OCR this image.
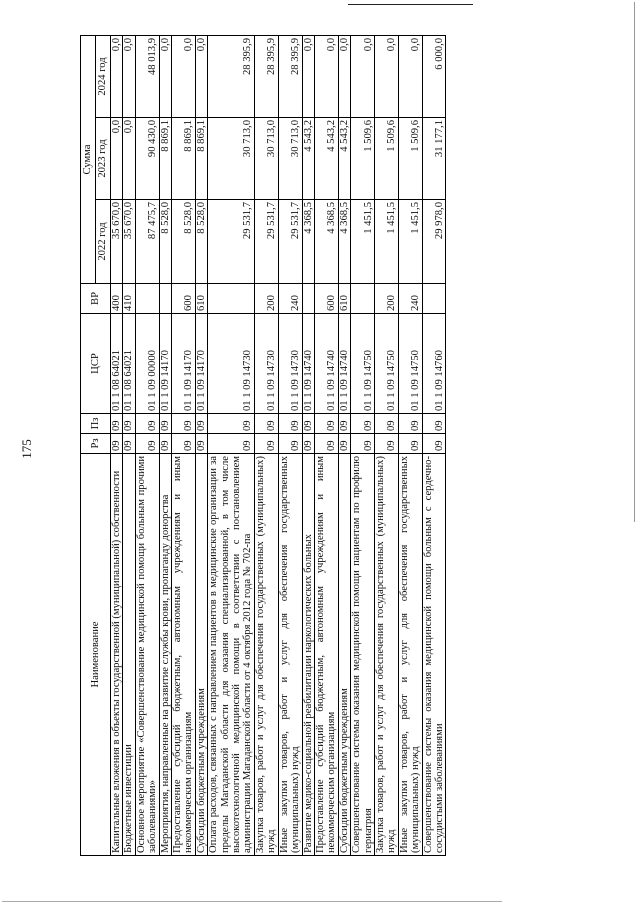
175
Наименование	Рз	Пз	ЦСР	ВР	Сумма		
					2022 год	2023 год	2024 год
Капитальные вложения в объекты государственной (муниципальной) собственности	09	09	01 1 08 64021	400	35 670,0	0,0	0,0
Бюджетные инвестиции	09	09	01 1 08 64021	410	35 670,0	0,0	0,0
Основное мероприятие «Совершенствование медицинской помощи больным прочими заболеваниями»	09	09	01 1 09 00000		87 475,7	90 430,0	48 013,9
Мероприятия, направленные на развитие службы крови, пропаганду донорства	09	09	01 1 09 14170		8 528,0	8 869,1	0,0
Предоставление субсидий бюджетным, автономным учреждениям и иным некоммерческим организациям	09	09	01 1 09 14170	600	8 528,0	8 869,1	0,0
Субсидии бюджетным учреждениям	09	09	01 1 09 14170	610	8 528,0	8 869,1	0,0
Оплата расходов, связанных с направлением пациентов в медицинские организации за пределы Магаданской области для оказания специализированной, в том числе высокотехнологичной медицинской помощи в соответствии с постановлением администрации Магаданской области от 4 октября 2012 года № 702-па	09	09	01 1 09 14730		29 531,7	30 713,0	28 395,9
Закупка товаров, работ и услуг для обеспечения государственных (муниципальных) нужд	09	09	01 1 09 14730	200	29 531,7	30 713,0	28 395,9
Иные закупки товаров, работ и услуг для обеспечения государственных (муниципальных) нужд	09	09	01 1 09 14730	240	29 531,7	30 713,0	28 395,9
Развитие медико-социальной реабилитации наркологических больных	09	09	01 1 09 14740		4 368,5	4 543,2	0,0
Предоставление субсидий бюджетным, автономным учреждениям и иным некоммерческим организациям	09	09	01 1 09 14740	600	4 368,5	4 543,2	0,0
Субсидии бюджетным учреждениям	09	09	01 1 09 14740	610	4 368,5	4 543,2	0,0
Совершенствование системы оказания медицинской помощи пациентам по профилю гериатрия	09	09	01 1 09 14750		1 451,5	1 509,6	0,0
Закупка товаров, работ и услуг для обеспечения государственных (муниципальных) нужд	09	09	01 1 09 14750	200	1 451,5	1 509,6	0,0
Иные закупки товаров, работ и услуг для обеспечения государственных (муниципальных) нужд	09	09	01 1 09 14750	240	1 451,5	1 509,6	0,0
Совершенствование системы оказания медицинской помощи больным с сердечно-сосудистыми заболеваниями	09	09	01 1 09 14760		29 978,0	31 177,1	6 000,0
